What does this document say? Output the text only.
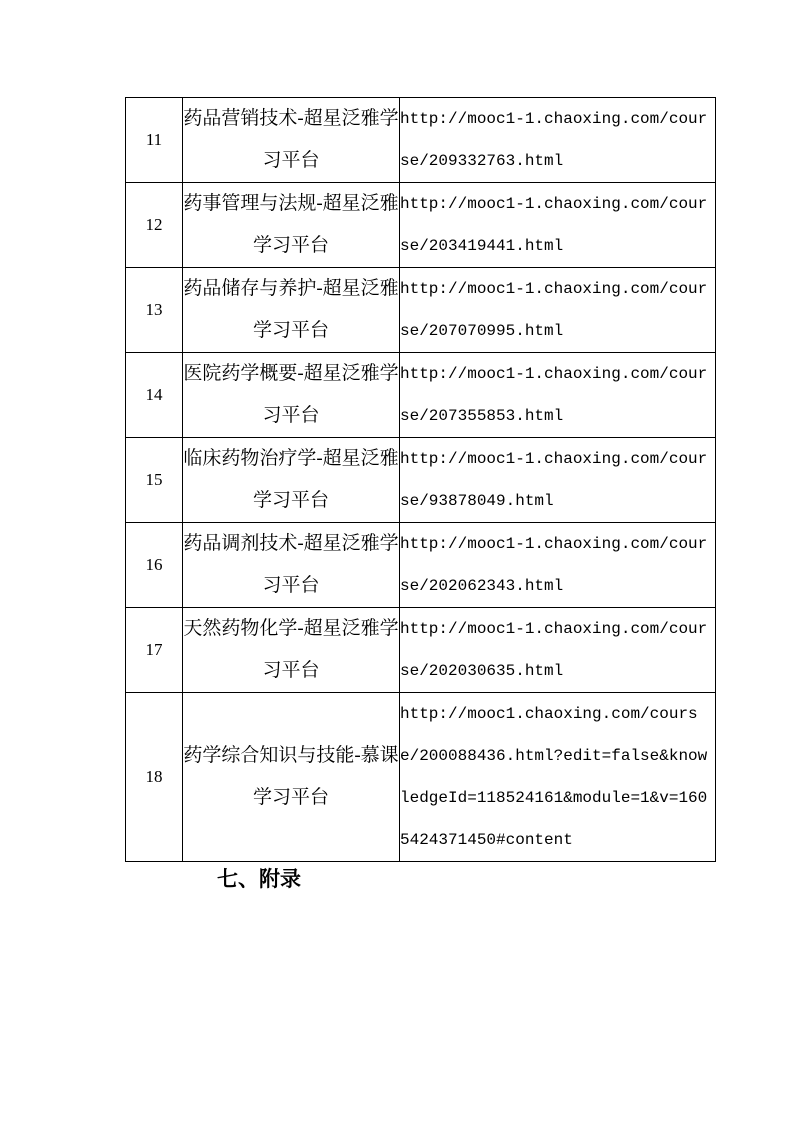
11	药品营销技术-超星泛雅学习平台	http://mooc1-1.chaoxing.com/course/209332763.html
12	药事管理与法规-超星泛雅学习平台	http://mooc1-1.chaoxing.com/course/203419441.html
13	药品储存与养护-超星泛雅学习平台	http://mooc1-1.chaoxing.com/course/207070995.html
14	医院药学概要-超星泛雅学习平台	http://mooc1-1.chaoxing.com/course/207355853.html
15	临床药物治疗学-超星泛雅学习平台	http://mooc1-1.chaoxing.com/course/93878049.html
16	药品调剂技术-超星泛雅学习平台	http://mooc1-1.chaoxing.com/course/202062343.html
17	天然药物化学-超星泛雅学习平台	http://mooc1-1.chaoxing.com/course/202030635.html
18	药学综合知识与技能-慕课学习平台	http://mooc1.chaoxing.com/course/200088436.html?edit=false&knowledgeId=118524161&module=1&v=1605424371450#content
七、附录
